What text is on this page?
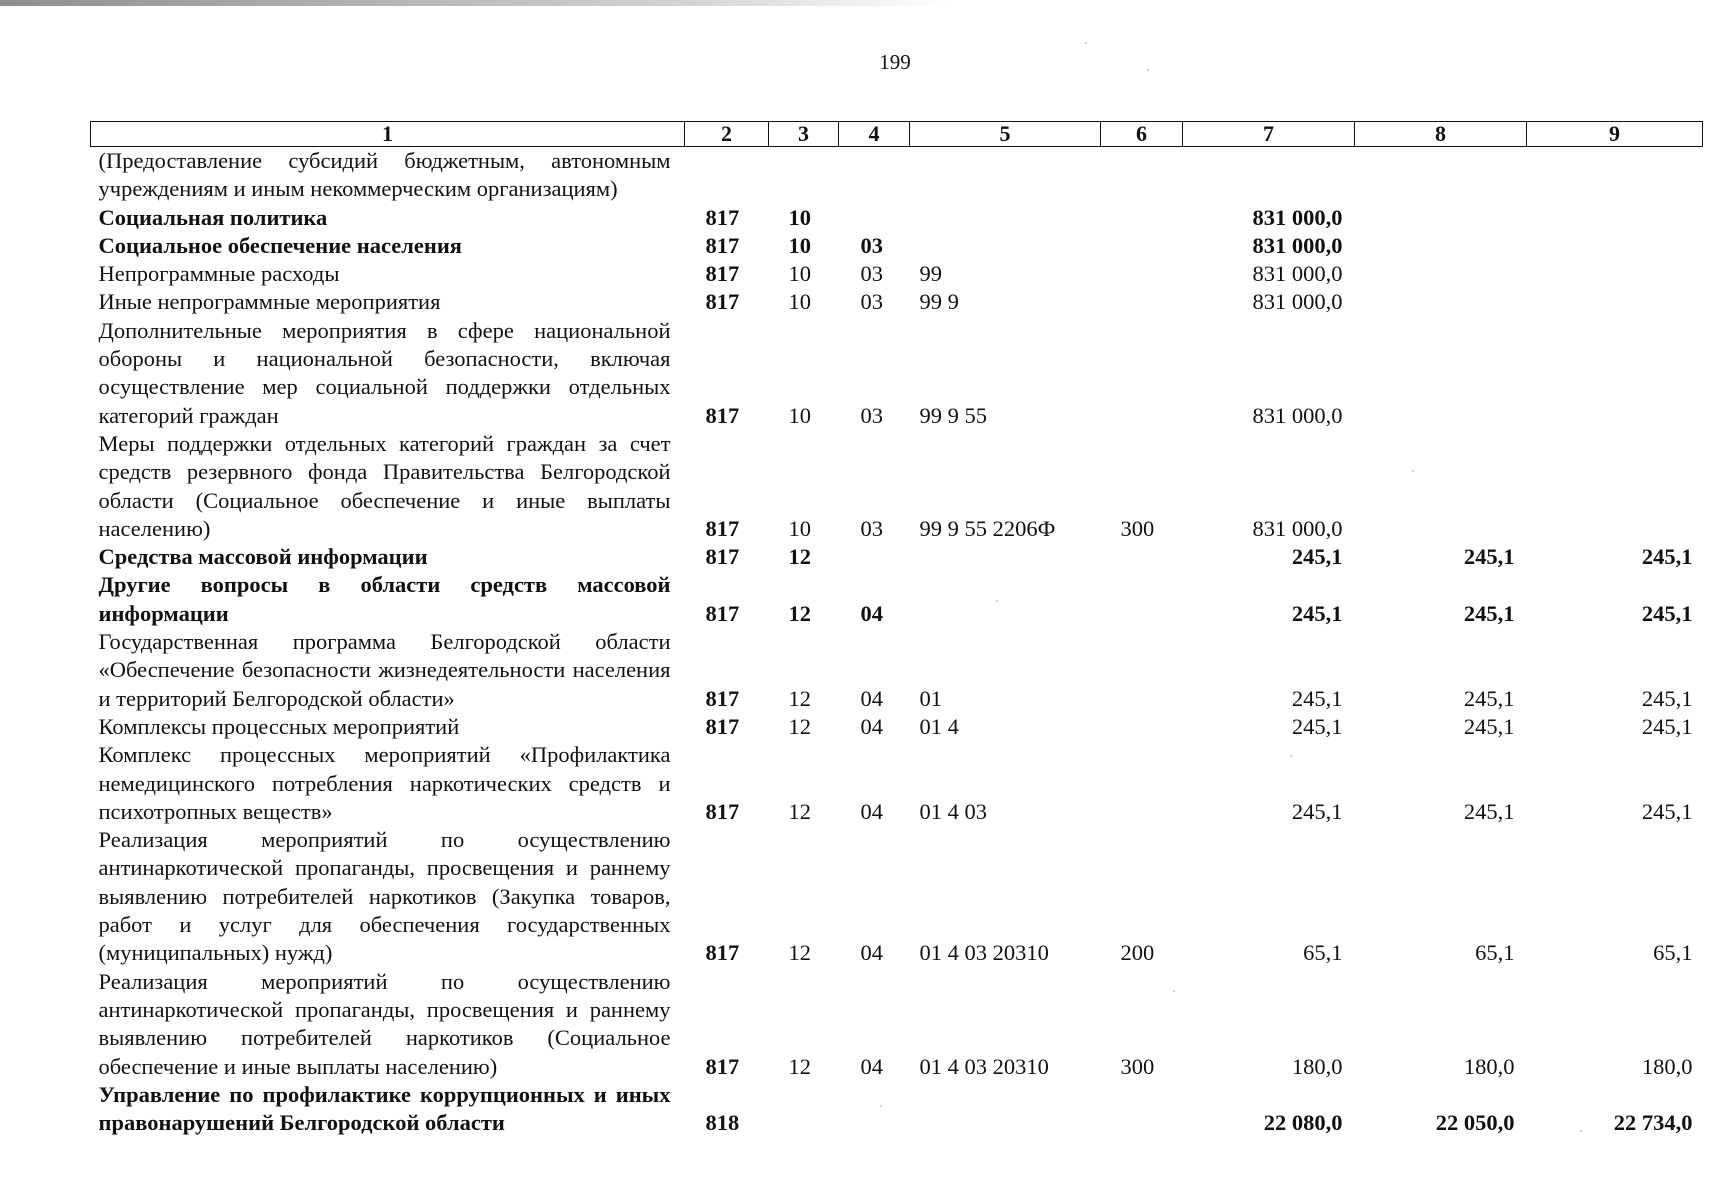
199
1	2	3	4	5	6	7	8	9
(Предоставление субсидий бюджетным, автономным учреждениям и иным некоммерческим организациям)								
Социальная политика	817	10				831 000,0		
Социальное обеспечение населения	817	10	03			831 000,0		
Непрограммные расходы	817	10	03	99		831 000,0		
Иные непрограммные мероприятия	817	10	03	99 9		831 000,0		
Дополнительные мероприятия в сфере национальной обороны и национальной безопасности, включая осуществление мер социальной поддержки отдельных категорий граждан	817	10	03	99 9 55		831 000,0		
Меры поддержки отдельных категорий граждан за счет средств резервного фонда Правительства Белгородской области (Социальное обеспечение и иные выплаты населению)	817	10	03	99 9 55 2206Ф	300	831 000,0		
Средства массовой информации	817	12				245,1	245,1	245,1
Другие вопросы в области средств массовой информации	817	12	04			245,1	245,1	245,1
Государственная программа Белгородской области «Обеспечение безопасности жизнедеятельности населения и территорий Белгородской области»	817	12	04	01		245,1	245,1	245,1
Комплексы процессных мероприятий	817	12	04	01 4		245,1	245,1	245,1
Комплекс процессных мероприятий «Профилактика немедицинского потребления наркотических средств и психотропных веществ»	817	12	04	01 4 03		245,1	245,1	245,1
Реализация мероприятий по осуществлению антинаркотической пропаганды, просвещения и раннему выявлению потребителей наркотиков (Закупка товаров, работ и услуг для обеспечения государственных (муниципальных) нужд)	817	12	04	01 4 03 20310	200	65,1	65,1	65,1
Реализация мероприятий по осуществлению антинаркотической пропаганды, просвещения и раннему выявлению потребителей наркотиков (Социальное обеспечение и иные выплаты населению)	817	12	04	01 4 03 20310	300	180,0	180,0	180,0
Управление по профилактике коррупционных и иных правонарушений Белгородской области	818					22 080,0	22 050,0	22 734,0
